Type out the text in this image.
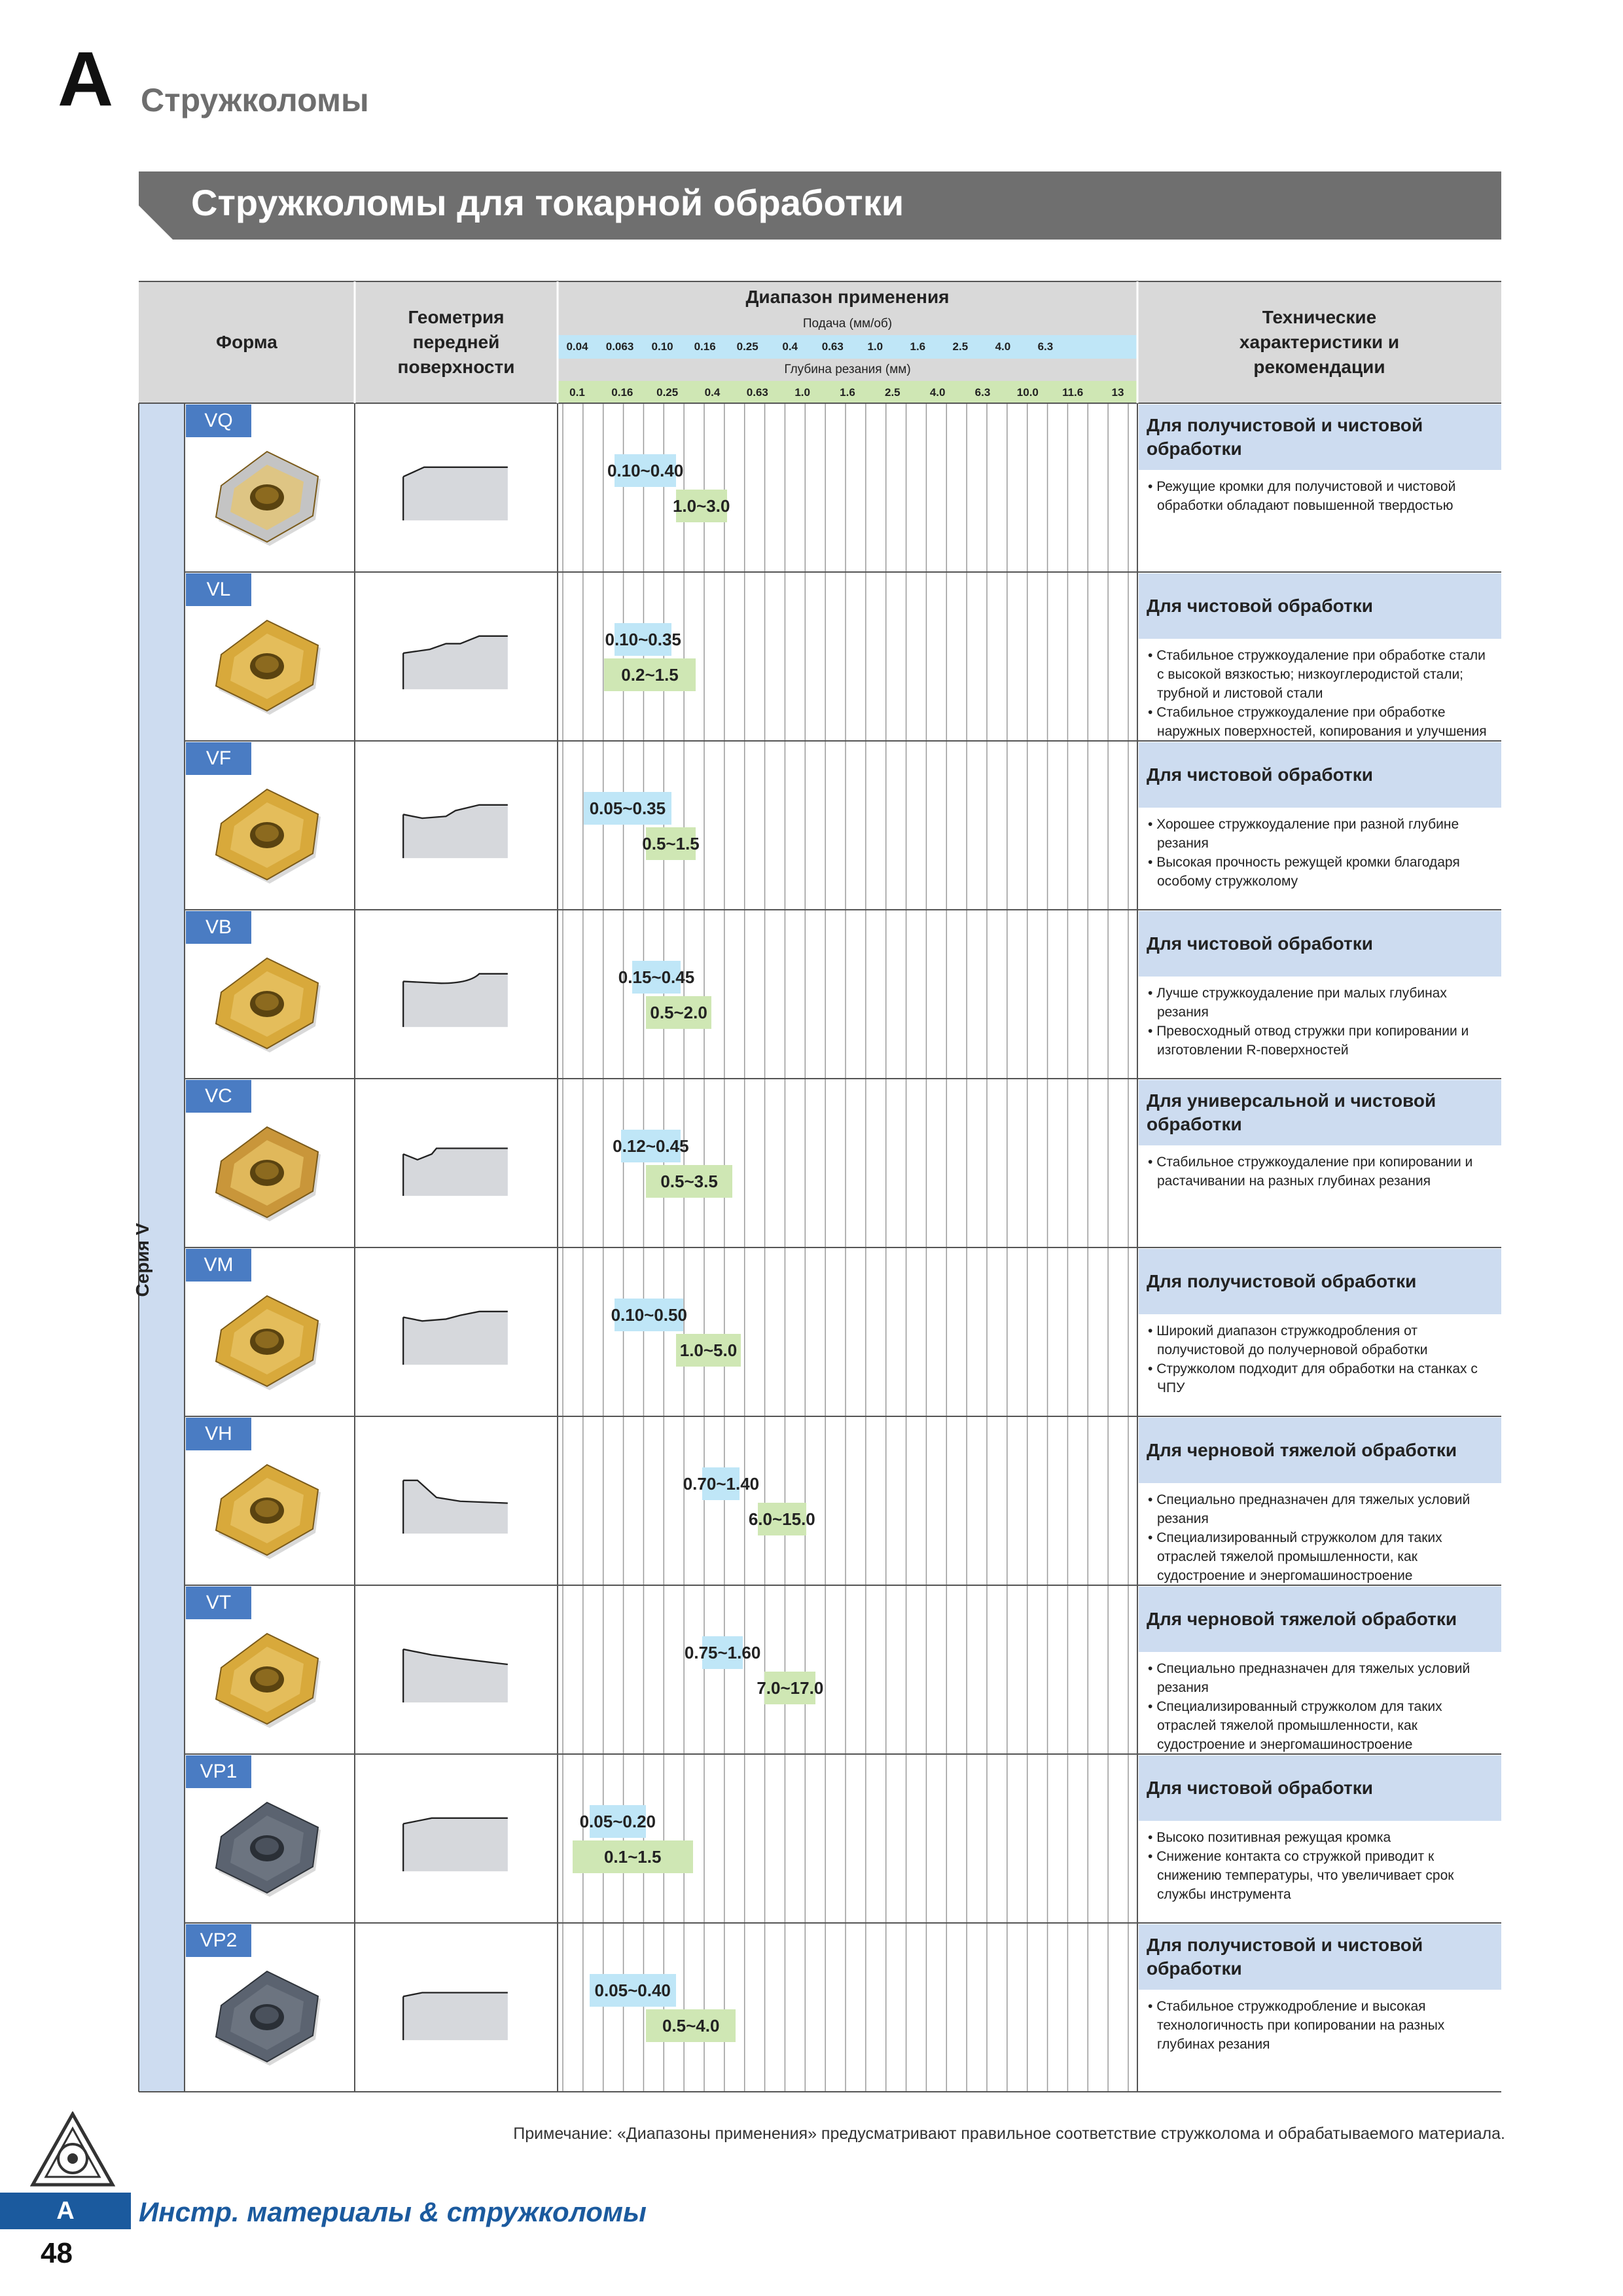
A Стружколомы
Стружколомы для токарной обработки
Форма
Геометрия передней поверхности
Диапазон применения
Подача (мм/об)
0.04 0.063 0.10 0.16 0.25 0.4 0.63 1.0 1.6 2.5 4.0 6.3
Глубина резания (мм)
0.1 0.16 0.25 0.4 0.63 1.0	1.6	2.5	4.0	6.3 10.0 11.6	13
Технические характеристики и рекомендации
VQ
0.10~0.40
1.0~3.0
Для получистовой и чистовой обработки
• Режущие кромки для получистовой и чистовой обработки обладают повышенной твердостью
VL
0.10~0.35
0.2~1.5
Для чистовой обработки
• Стабильное стружкоудаление при обработке стали с высокой вязкостью; низкоуглеродистой стали; трубной и листовой стали
• Стабильное стружкоудаление при обработке наружных поверхностей, копирования и улучшения
VF
0.05~0.35
0.5~1.5
Для чистовой обработки
• Хорошее стружкоудаление при разной глубине резания
• Высокая прочность режущей кромки благодаря особому стружколому
VB
0.15~0.45
0.5~2.0
Для чистовой обработки
• Лучше стружкоудаление при малых глубинах резания
• Превосходный отвод стружки при копировании и изготовлении R-поверхностей
VC
0.12~0.45
0.5~3.5
Для универсальной и чистовой обработки
• Стабильное стружкоудаление при копировании и растачивании на разных глубинах резания
VM
0.10~0.50
1.0~5.0
Для получистовой обработки
• Широкий диапазон стружкодробления от получистовой до получерновой обработки
• Стружколом подходит для обработки на станках с ЧПУ
VH
0.70~1.40
6.0~15.0
Для черновой тяжелой обработки
• Специально предназначен для тяжелых условий резания
• Специализированный стружколом для таких отраслей тяжелой промышленности, как судостроение и энергомашиностроение
VT
0.75~1.60
7.0~17.0
Для черновой тяжелой обработки
• Специально предназначен для тяжелых условий резания
• Специализированный стружколом для таких отраслей тяжелой промышленности, как судостроение и энергомашиностроение
VP1
0.05~0.20
0.1~1.5
Для чистовой обработки
• Высоко позитивная режущая кромка
• Снижение контакта со стружкой приводит к снижению температуры, что увеличивает срок службы инструмента
VP2
0.05~0.40
0.5~4.0
Для получистовой и чистовой обработки
• Стабильное стружкодробление и высокая технологичность при копировании на разных глубинах резания
Серия V
Примечание: «Диапазоны применения» предусматривают правильное соответствие стружколома и обрабатываемого материала.
A	Инстр. материалы & стружколомы
48
